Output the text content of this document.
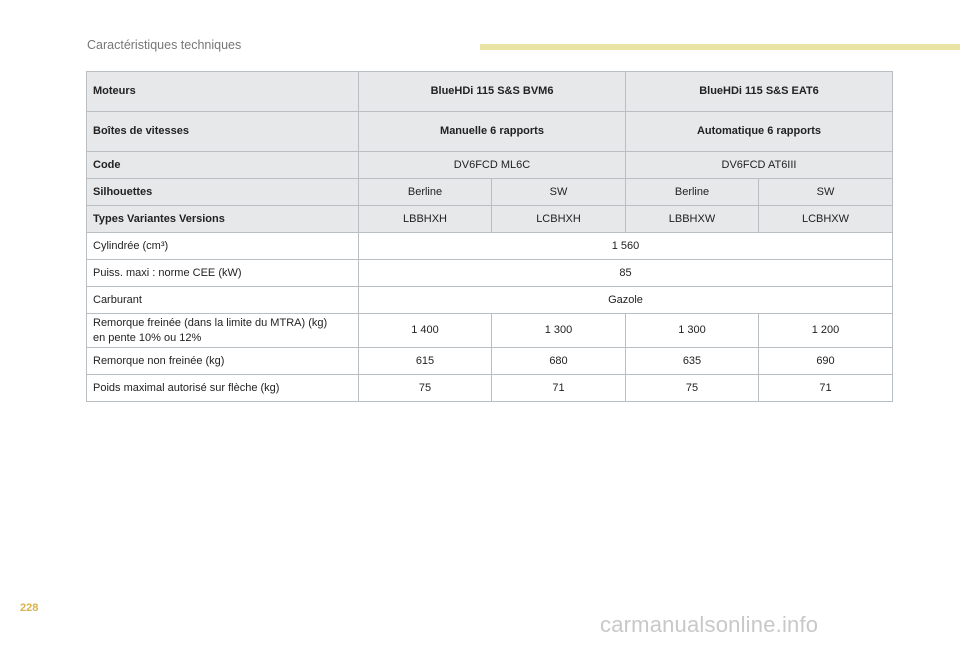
Caractéristiques techniques
Moteurs	BlueHDi 115 S&S BVM6		BlueHDi 115 S&S EAT6	
Boîtes de vitesses	Manuelle 6 rapports		Automatique 6 rapports	
Code	DV6FCD ML6C		DV6FCD AT6III	
Silhouettes	Berline	SW	Berline	SW
Types Variantes Versions	LBBHXH	LCBHXH	LBBHXW	LCBHXW
Cylindrée (cm³)	1 560			
Puiss. maxi : norme CEE (kW)	85			
Carburant	Gazole			
Remorque freinée (dans la limite du MTRA) (kg)
en pente 10% ou 12%	1 400	1 300	1 300	1 200
Remorque non freinée (kg)	615	680	635	690
Poids maximal autorisé sur flèche (kg)	75	71	75	71
228
carmanualsonline.info
